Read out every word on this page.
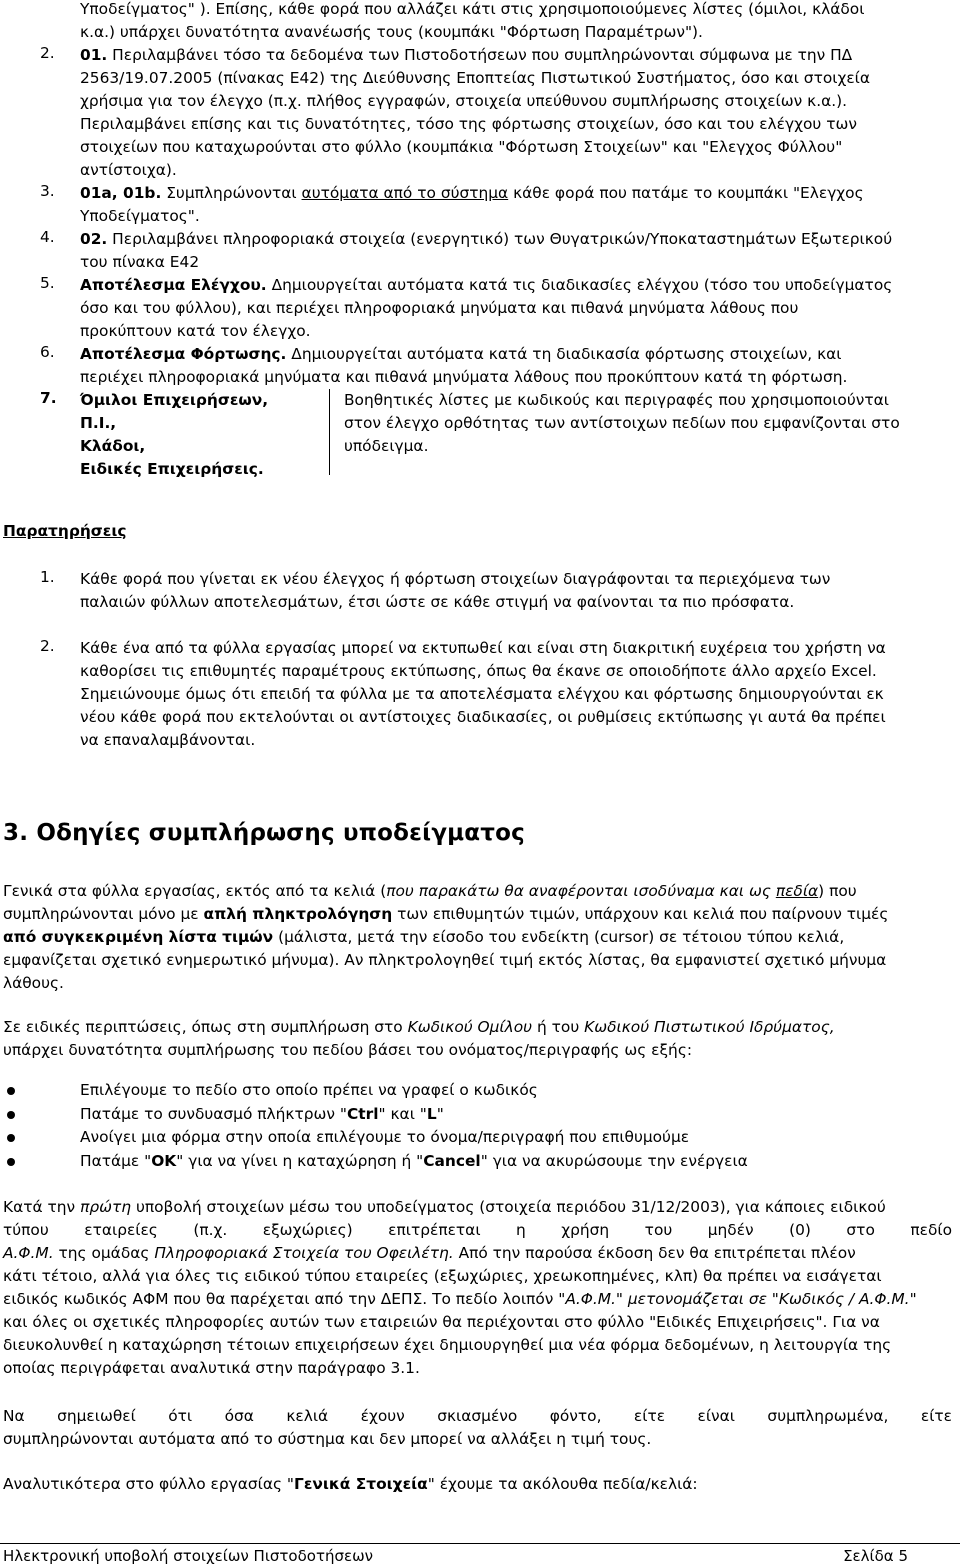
Υποδείγματος" ). Επίσης, κάθε φορά που αλλάζει κάτι στις χρησιμοποιούμενες λίστες (όμιλοι, κλάδοι
κ.α.) υπάρχει δυνατότητα ανανέωσής τους (κουμπάκι "Φόρτωση Παραμέτρων").
2. 01. Περιλαμβάνει τόσο τα δεδομένα των Πιστοδοτήσεων που συμπληρώνονται σύμφωνα με την ΠΔ
2563/19.07.2005 (πίνακας Ε42) της Διεύθυνσης Εποπτείας Πιστωτικού Συστήματος, όσο και στοιχεία
χρήσιμα για τον έλεγχο (π.χ. πλήθος εγγραφών, στοιχεία υπεύθυνου συμπλήρωσης στοιχείων κ.α.).
Περιλαμβάνει επίσης και τις δυνατότητες, τόσο της φόρτωσης στοιχείων, όσο και του ελέγχου των
στοιχείων που καταχωρούνται στο φύλλο (κουμπάκια "Φόρτωση Στοιχείων" και "Ελεγχος Φύλλου"
αντίστοιχα).
3. 01a, 01b. Συμπληρώνονται αυτόματα από το σύστημα κάθε φορά που πατάμε το κουμπάκι "Ελεγχος
Υποδείγματος".
4. 02. Περιλαμβάνει πληροφοριακά στοιχεία (ενεργητικό) των Θυγατρικών/Υποκαταστημάτων Εξωτερικού
του πίνακα Ε42
5. Αποτέλεσμα Ελέγχου. Δημιουργείται αυτόματα κατά τις διαδικασίες ελέγχου (τόσο του υποδείγματος
όσο και του φύλλου), και περιέχει πληροφοριακά μηνύματα και πιθανά μηνύματα λάθους που
προκύπτουν κατά τον έλεγχο.
6. Αποτέλεσμα Φόρτωσης. Δημιουργείται αυτόματα κατά τη διαδικασία φόρτωσης στοιχείων, και
περιέχει πληροφοριακά μηνύματα και πιθανά μηνύματα λάθους που προκύπτουν κατά τη φόρτωση.
7. Όμιλοι Επιχειρήσεων,
Π.Ι.,
Κλάδοι,
Ειδικές Επιχειρήσεις.
Βοηθητικές λίστες με κωδικούς και περιγραφές που χρησιμοποιούνται
στον έλεγχο ορθότητας των αντίστοιχων πεδίων που εμφανίζονται στο
υπόδειγμα.
Παρατηρήσεις
1. Κάθε φορά που γίνεται εκ νέου έλεγχος ή φόρτωση στοιχείων διαγράφονται τα περιεχόμενα των
παλαιών φύλλων αποτελεσμάτων, έτσι ώστε σε κάθε στιγμή να φαίνονται τα πιο πρόσφατα.
2. Κάθε ένα από τα φύλλα εργασίας μπορεί να εκτυπωθεί και είναι στη διακριτική ευχέρεια του χρήστη να
καθορίσει τις επιθυμητές παραμέτρους εκτύπωσης, όπως θα έκανε σε οποιοδήποτε άλλο αρχείο Excel.
Σημειώνουμε όμως ότι επειδή τα φύλλα με τα αποτελέσματα ελέγχου και φόρτωσης δημιουργούνται εκ
νέου κάθε φορά που εκτελούνται οι αντίστοιχες διαδικασίες, οι ρυθμίσεις εκτύπωσης γι αυτά θα πρέπει
να επαναλαμβάνονται.
3. Οδηγίες συμπλήρωσης υποδείγματος
Γενικά στα φύλλα εργασίας, εκτός από τα κελιά (που παρακάτω θα αναφέρονται ισοδύναμα και ως πεδία) που
συμπληρώνονται μόνο με απλή πληκτρολόγηση των επιθυμητών τιμών, υπάρχουν και κελιά που παίρνουν τιμές
από συγκεκριμένη λίστα τιμών (μάλιστα, μετά την είσοδο του ενδείκτη (cursor) σε τέτοιου τύπου κελιά,
εμφανίζεται σχετικό ενημερωτικό μήνυμα). Αν πληκτρολογηθεί τιμή εκτός λίστας, θα εμφανιστεί σχετικό μήνυμα
λάθους.
Σε ειδικές περιπτώσεις, όπως στη συμπλήρωση στο Κωδικού Ομίλου ή του Κωδικού Πιστωτικού Ιδρύματος,
υπάρχει δυνατότητα συμπλήρωσης του πεδίου βάσει του ονόματος/περιγραφής ως εξής:
Επιλέγουμε το πεδίο στο οποίο πρέπει να γραφεί ο κωδικός
Πατάμε το συνδυασμό πλήκτρων "Ctrl" και "L"
Ανοίγει μια φόρμα στην οποία επιλέγουμε το όνομα/περιγραφή που επιθυμούμε
Πατάμε "OK" για να γίνει η καταχώρηση ή "Cancel" για να ακυρώσουμε την ενέργεια
Κατά την πρώτη υποβολή στοιχείων μέσω του υποδείγματος (στοιχεία περιόδου 31/12/2003), για κάποιες ειδικού
τύπου εταιρείες (π.χ. εξωχώριες) επιτρέπεται η χρήση του μηδέν (0) στο πεδίο
Α.Φ.Μ. της ομάδας Πληροφοριακά Στοιχεία του Οφειλέτη. Από την παρούσα έκδοση δεν θα επιτρέπεται πλέον
κάτι τέτοιο, αλλά για όλες τις ειδικού τύπου εταιρείες (εξωχώριες, χρεωκοπημένες, κλπ) θα πρέπει να εισάγεται
ειδικός κωδικός ΑΦΜ που θα παρέχεται από την ΔΕΠΣ. Το πεδίο λοιπόν "Α.Φ.Μ." μετονομάζεται σε "Κωδικός / Α.Φ.Μ."
και όλες οι σχετικές πληροφορίες αυτών των εταιρειών θα περιέχονται στο φύλλο "Ειδικές Επιχειρήσεις". Για να
διευκολυνθεί η καταχώρηση τέτοιων επιχειρήσεων έχει δημιουργηθεί μια νέα φόρμα δεδομένων, η λειτουργία της
οποίας περιγράφεται αναλυτικά στην παράγραφο 3.1.
Να σημειωθεί ότι όσα κελιά έχουν σκιασμένο φόντο, είτε είναι συμπληρωμένα, είτε
συμπληρώνονται αυτόματα από το σύστημα και δεν μπορεί να αλλάξει η τιμή τους.
Αναλυτικότερα στο φύλλο εργασίας "Γενικά Στοιχεία" έχουμε τα ακόλουθα πεδία/κελιά:
Ηλεκτρονική υποβολή στοιχείων Πιστοδοτήσεων	Σελίδα 5
